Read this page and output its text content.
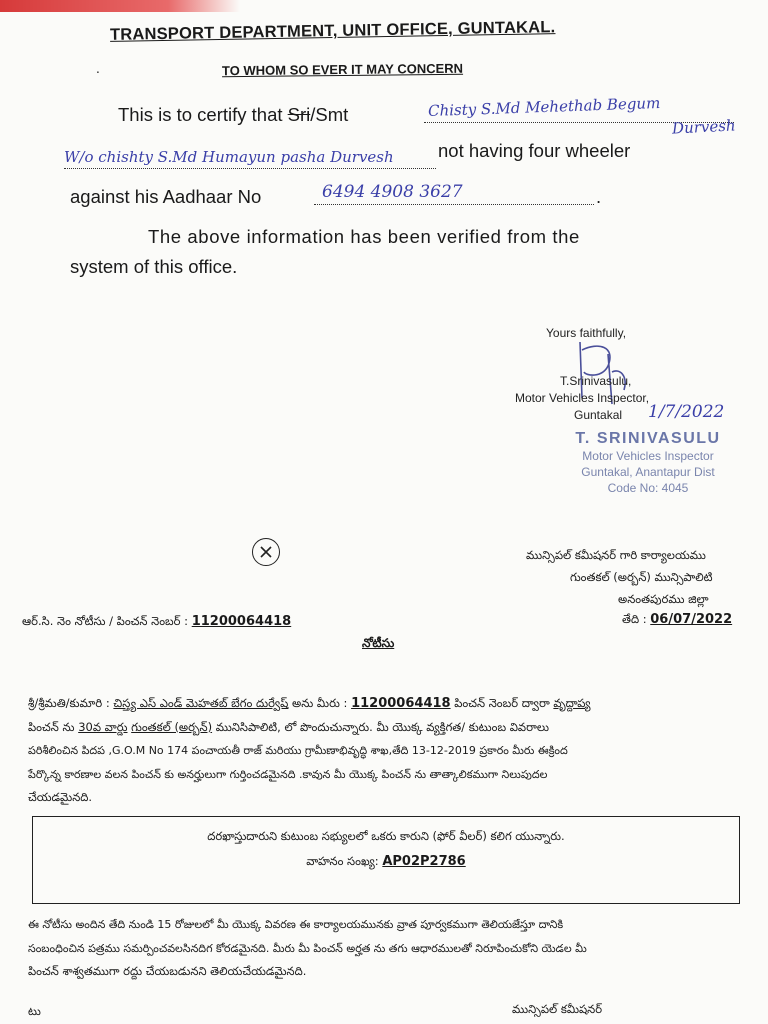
TRANSPORT DEPARTMENT, UNIT OFFICE, GUNTAKAL.
.	TO WHOM SO EVER IT MAY CONCERN
This is to certify that Sri/Smt	Chisty S.Md Mehethab Begum
Durvesh
W/o chishty S.Md Humayun pasha Durvesh not having four wheeler
against his Aadhaar No	6494 4908 3627	.
The above information has been verified from the
system of this office.
Yours faithfully,
T.Srinivasulu,
Motor Vehicles Inspector,
Guntakal 1/7/2022
T. SRINIVASULU
Motor Vehicles Inspector
Guntakal, Anantapur Dist
Code No: 4045
మున్సిపల్ కమీషనర్ గారి కార్యాలయము
గుంతకల్ (అర్బన్) మున్సిపాలిటి
అనంతపురము జిల్లా
తేది : 06/07/2022
ఆర్.సి. నెం నోటీసు / పించన్ నెంబర్ : 11200064418
నోటీసు
శ్రీ/శ్రీమతి/కుమారి : చిస్త్య ఎస్ ఎండ్ మెహతబ్ బేగం దుర్వేష్ అను మీరు : 11200064418 పించన్ నెంబర్ ద్వారా వృద్దాప్య
పించన్ ను 30వ వార్డు గుంతకల్ (అర్బన్) మునిసిపాలిటి, లో పొందుచున్నారు. మీ యొక్క వ్యక్తిగత/ కుటుంబ వివరాలు
పరిశీలించిన పిదప ,G.O.M No 174 పంచాయతీ రాజ్ మరియు గ్రామీణాభివృద్ధి శాఖ,తేది 13-12-2019 ప్రకారం మీరు ఈక్రింద
పేర్కొన్న కారణాల వలన పించన్ కు అనర్హులుగా గుర్తించడమైనది .కావున మీ యొక్క పించన్ ను తాత్కాలికముగా నిలుపుదల
చేయడమైనది.
దరఖాస్తుదారుని కుటుంబ సభ్యులలో ఒకరు కారుని (ఫోర్ వీలర్) కలిగ యున్నారు.
వాహనం సంఖ్య: AP02P2786
ఈ నోటీసు అందిన తేది నుండి 15 రోజులలో మీ యొక్క వివరణ ఈ కార్యాలయమునకు వ్రాత పూర్వకముగా తెలియజేస్తూ దానికి
సంబంధించిన పత్రము సమర్పించవలసినదిగ కోరడమైనది. మీరు మీ పించన్ అర్హత ను తగు ఆధారములతో నిరూపించుకోని యెడల మీ
పించన్ శాశ్వతముగా రద్దు చేయబడునని తెలియచేయడమైనది.
టు	మున్సిపల్ కమీషనర్
